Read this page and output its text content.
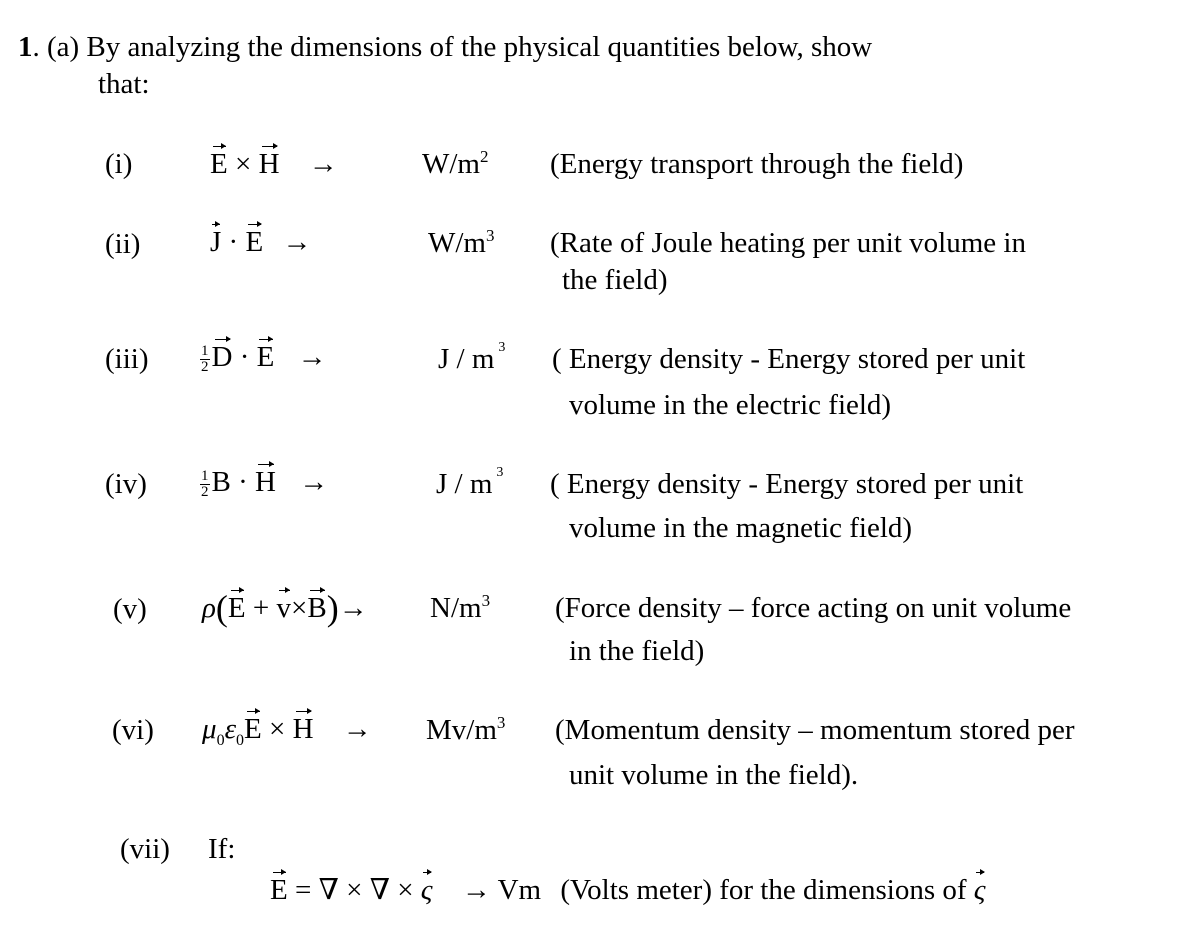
1. (a) By analyzing the dimensions of the physical quantities below, show
that:
(i)	E × H →	$W/m^2$ (Energy transport through the field)
(ii) J · E →	$W/m^3$ (Rate of Joule heating per unit volume in
the field)
(iii)	$\frac{1}{2}$ D · E →	J / m $^3$ ( Energy density - Energy stored per unit
volume in the electric field)
(iv)	$\frac{1}{2}$ B · H →	J / m $^3$ ( Energy density - Energy stored per unit
volume in the magnetic field)
(v) $\rho(E + v\times B)\to N/m^3$ (Force density – force acting on unit volume
in the field)
(vi) $\mu_0\varepsilon_0E \times H \to Mv/m^3$ (Momentum density – momentum stored per
unit volume in the field).
(vii) If:
E = ∇ × ∇ × ς → Vm (Volts meter) for the dimensions of ς
